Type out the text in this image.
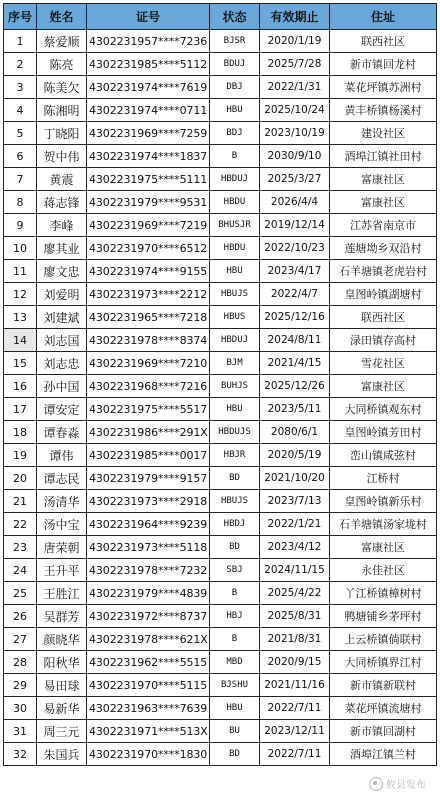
序号	姓名	证号	状态	有效期止	住址
1	蔡爱顺	4302231957****7236	BJSR	2020/1/19	联西社区
2	陈亮	4302231985****5112	BDUJ	2025/7/28	新市镇回龙村
3	陈美欠	4302231974****7619	DBJ	2022/1/31	菜花坪镇苏洲村
4	陈湘明	4302231974****0711	HBU	2025/10/24	黄丰桥镇杨溪村
5	丁晓阳	4302231969****7259	BDJ	2023/10/19	建设社区
6	贺中伟	4302231974****1837	B	2030/9/10	酒埠江镇社田村
7	黄震	4302231975****5111	HBDUJ	2025/3/27	富康社区
8	蒋志锋	4302231979****9531	HBDU	2026/4/4	富康社区
9	李峰	4302231969****7219	BHUSJR	2019/12/14	江苏省南京市
10	廖其业	4302231970****6512	HBDU	2022/10/23	莲塘坳乡双沿村
11	廖文忠	4302231974****9155	HBU	2023/4/17	石羊塘镇老虎岩村
12	刘爱明	4302231973****2212	HBUJS	2022/4/7	皇图岭镇湖塘村
13	刘建斌	4302231965****7218	HBUS	2025/12/16	联西社区
14	刘志国	4302231978****8374	HBDUJ	2024/8/11	渌田镇存高村
15	刘志忠	4302231969****7210	BJM	2021/4/15	雪花社区
16	孙中国	4302231968****7216	BUHJS	2025/12/26	富康社区
17	谭安定	4302231975****5517	HBU	2023/5/11	大同桥镇观东村
18	谭春淼	4302231986****291X	HBDUJS	2080/6/1	皇图岭镇芳田村
19	谭伟	4302231985****0017	HBJR	2020/5/19	峦山镇咸弦村
20	谭志民	4302231979****9157	BD	2021/10/20	江桥村
21	汤清华	4302231973****2918	HBUJS	2023/7/13	皇图岭镇新乐村
22	汤中宝	4302231964****9239	HBDJ	2022/1/21	石羊塘镇汤家垅村
23	唐荣朝	4302231973****5118	BD	2023/4/12	富康社区
24	王升平	4302231978****7232	SBJ	2024/11/15	永佳社区
25	王胜江	4302231979****4839	B	2025/4/22	丫江桥镇樟树村
26	吴群芳	4302231972****8737	HBJ	2025/8/31	鸭塘铺乡茅坪村
27	颜晓华	4302231978****621X	B	2021/8/31	上云桥镇倘联村
28	阳秋华	4302231962****5515	MBD	2020/9/15	大同桥镇界江村
29	易田球	4302231970****5115	BJSHU	2021/11/16	新市镇新联村
30	易新华	4302231963****7639	HBU	2022/7/11	菜花坪镇流塘村
31	周三元	4302231971****513X	BU	2023/12/11	新市镇回湖村
32	朱国兵	4302231970****1830	BD	2022/7/11	酒埠江镇兰村
攸县发布
